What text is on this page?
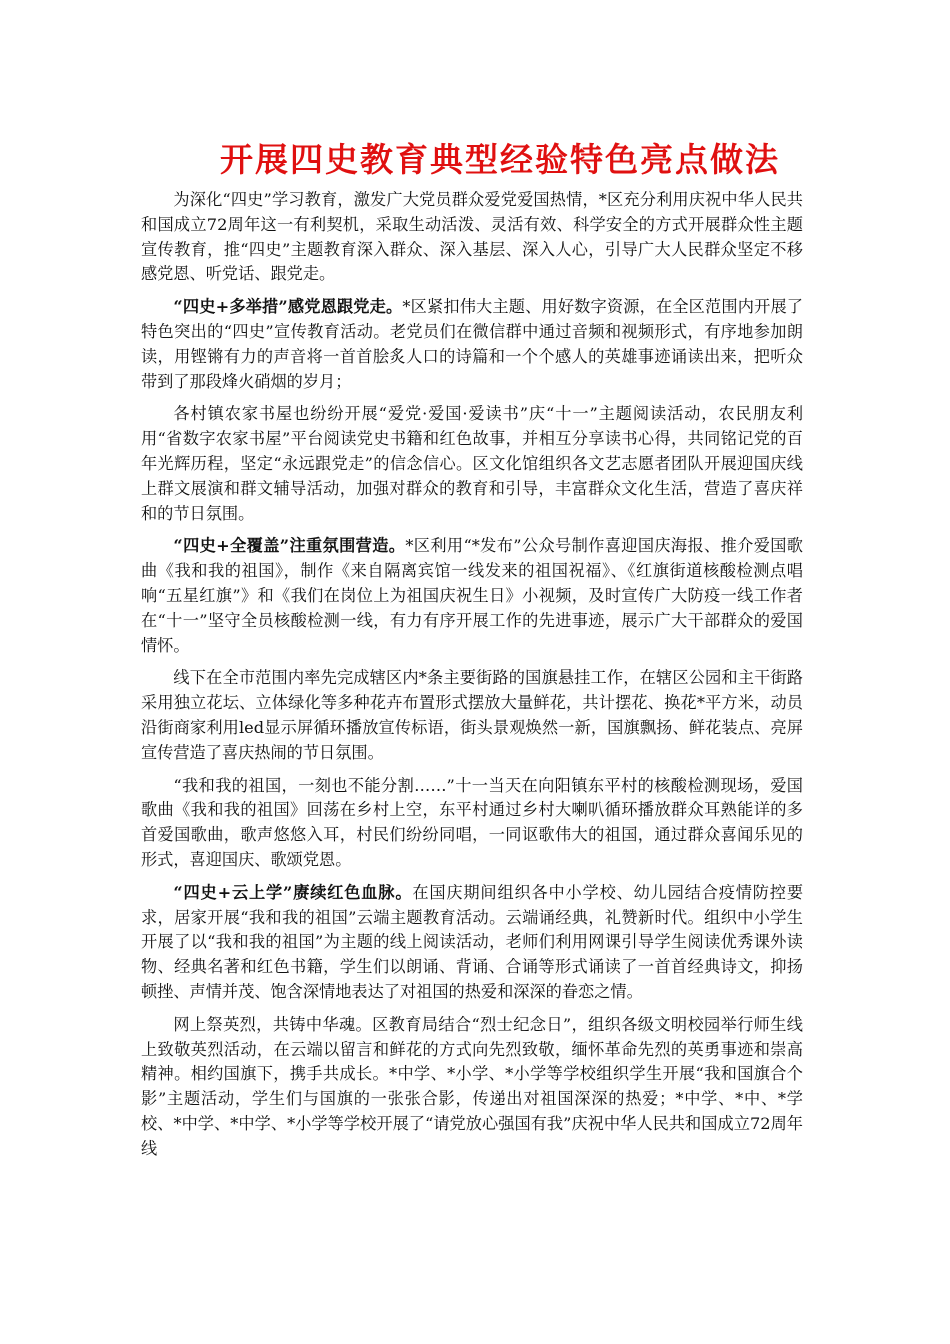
开展四史教育典型经验特色亮点做法

为深化“四史”学习教育，激发广大党员群众爱党爱国热情，*区充分利用庆祝中华人民共和国成立72周年这一有利契机，采取生动活泼、灵活有效、科学安全的方式开展群众性主题宣传教育，推“四史”主题教育深入群众、深入基层、深入人心，引导广大人民群众坚定不移感党恩、听党话、跟党走。

“四史+多举措”感党恩跟党走。*区紧扣伟大主题、用好数字资源，在全区范围内开展了特色突出的“四史”宣传教育活动。老党员们在微信群中通过音频和视频形式，有序地参加朗读，用铿锵有力的声音将一首首脍炙人口的诗篇和一个个感人的英雄事迹诵读出来，把听众带到了那段烽火硝烟的岁月；

各村镇农家书屋也纷纷开展“爱党·爱国·爱读书”庆“十一”主题阅读活动，农民朋友利用“省数字农家书屋”平台阅读党史书籍和红色故事，并相互分享读书心得，共同铭记党的百年光辉历程，坚定“永远跟党走”的信念信心。区文化馆组织各文艺志愿者团队开展迎国庆线上群文展演和群文辅导活动，加强对群众的教育和引导，丰富群众文化生活，营造了喜庆祥和的节日氛围。

“四史+全覆盖”注重氛围营造。*区利用“*发布”公众号制作喜迎国庆海报、推介爱国歌曲《我和我的祖国》，制作《来自隔离宾馆一线发来的祖国祝福》、《红旗街道核酸检测点唱响“五星红旗”》和《我们在岗位上为祖国庆祝生日》小视频，及时宣传广大防疫一线工作者在“十一”坚守全员核酸检测一线，有力有序开展工作的先进事迹，展示广大干部群众的爱国情怀。

线下在全市范围内率先完成辖区内*条主要街路的国旗悬挂工作，在辖区公园和主干街路采用独立花坛、立体绿化等多种花卉布置形式摆放大量鲜花，共计摆花、换花*平方米，动员沿街商家利用led显示屏循环播放宣传标语，街头景观焕然一新，国旗飘扬、鲜花装点、亮屏宣传营造了喜庆热闹的节日氛围。

“我和我的祖国，一刻也不能分割……”十一当天在向阳镇东平村的核酸检测现场，爱国歌曲《我和我的祖国》回荡在乡村上空，东平村通过乡村大喇叭循环播放群众耳熟能详的多首爱国歌曲，歌声悠悠入耳，村民们纷纷同唱，一同讴歌伟大的祖国，通过群众喜闻乐见的形式，喜迎国庆、歌颂党恩。

“四史+云上学”赓续红色血脉。在国庆期间组织各中小学校、幼儿园结合疫情防控要求，居家开展“我和我的祖国”云端主题教育活动。云端诵经典，礼赞新时代。组织中小学生开展了以“我和我的祖国”为主题的线上阅读活动，老师们利用网课引导学生阅读优秀课外读物、经典名著和红色书籍，学生们以朗诵、背诵、合诵等形式诵读了一首首经典诗文，抑扬顿挫、声情并茂、饱含深情地表达了对祖国的热爱和深深的眷恋之情。

网上祭英烈，共铸中华魂。区教育局结合“烈士纪念日”，组织各级文明校园举行师生线上致敬英烈活动，在云端以留言和鲜花的方式向先烈致敬，缅怀革命先烈的英勇事迹和崇高精神。相约国旗下，携手共成长。*中学、*小学、*小学等学校组织学生开展“我和国旗合个影”主题活动，学生们与国旗的一张张合影，传递出对祖国深深的热爱；*中学、*中、*学校、*中学、*中学、*小学等学校开展了“请党放心强国有我”庆祝中华人民共和国成立72周年线
